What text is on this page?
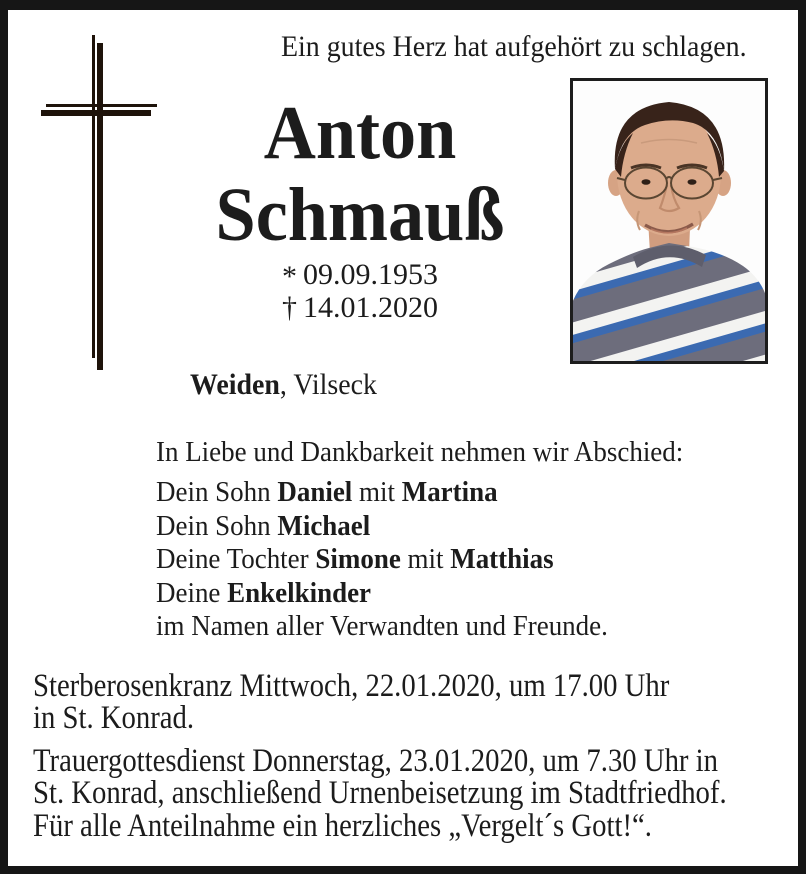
Ein gutes Herz hat aufgehört zu schlagen.
Anton
Schmauß
*  09.09.1953
†  14.01.2020
Weiden, Vilseck
In Liebe und Dankbarkeit nehmen wir Abschied:
Dein Sohn Daniel mit Martina
Dein Sohn Michael
Deine Tochter Simone mit Matthias
Deine Enkelkinder
im Namen aller Verwandten und Freunde.
Sterberosenkranz Mittwoch, 22.01.2020, um 17.00 Uhr
in St. Konrad.
Trauergottesdienst Donnerstag, 23.01.2020, um 7.30 Uhr in
St. Konrad, anschließend Urnenbeisetzung im Stadtfriedhof.
Für alle Anteilnahme ein herzliches „Vergelt´s Gott!“.
